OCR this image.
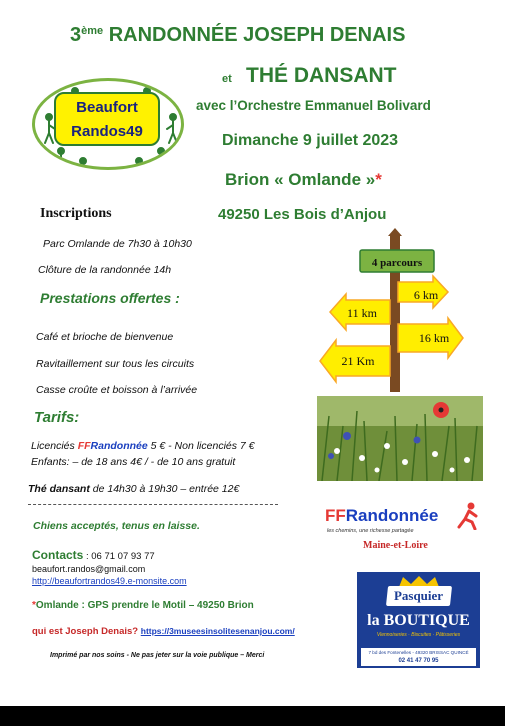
3ème RANDONNÉE JOSEPH DENAIS
et THÉ DANSANT
avec l’Orchestre Emmanuel Bolivard
Dimanche 9 juillet 2023
Brion « Omlande »*
49250 Les Bois d’Anjou
Beaufort
Randos49
Inscriptions
Parc Omlande de 7h30 à 10h30
Clôture de la randonnée 14h
Prestations offertes :
Café et brioche de bienvenue
Ravitaillement sur tous les circuits
Casse croûte et boisson à l’arrivée
Tarifs:
Licenciés FFRandonnée 5 € - Non licenciés 7 €
Enfants: – de 18 ans 4€ / - de 10 ans gratuit
Thé dansant de 14h30 à 19h30 – entrée 12€
Chiens acceptés, tenus en laisse.
Contacts : 06 71 07 93 77
beaufort.randos@gmail.com
http://beaufortrandos49.e-monsite.com
*Omlande : GPS prendre le Motil – 49250 Brion
qui est Joseph Denais? https://3museesinsolitesenanjou.com/
Imprimé par nos soins - Ne pas jeter sur la voie publique – Merci
4 parcours
6 km
11 km
16 km
21 Km
FFRandonnée
les chemins, une richesse partagée
Maine-et-Loire
Pasquier
la BOUTIQUE
Viennoiseries · Biscuites · Pâtisseries
7 bd des Fontenelles - 49320 BRISSAC QUINCÉ
02 41 47 70 95
